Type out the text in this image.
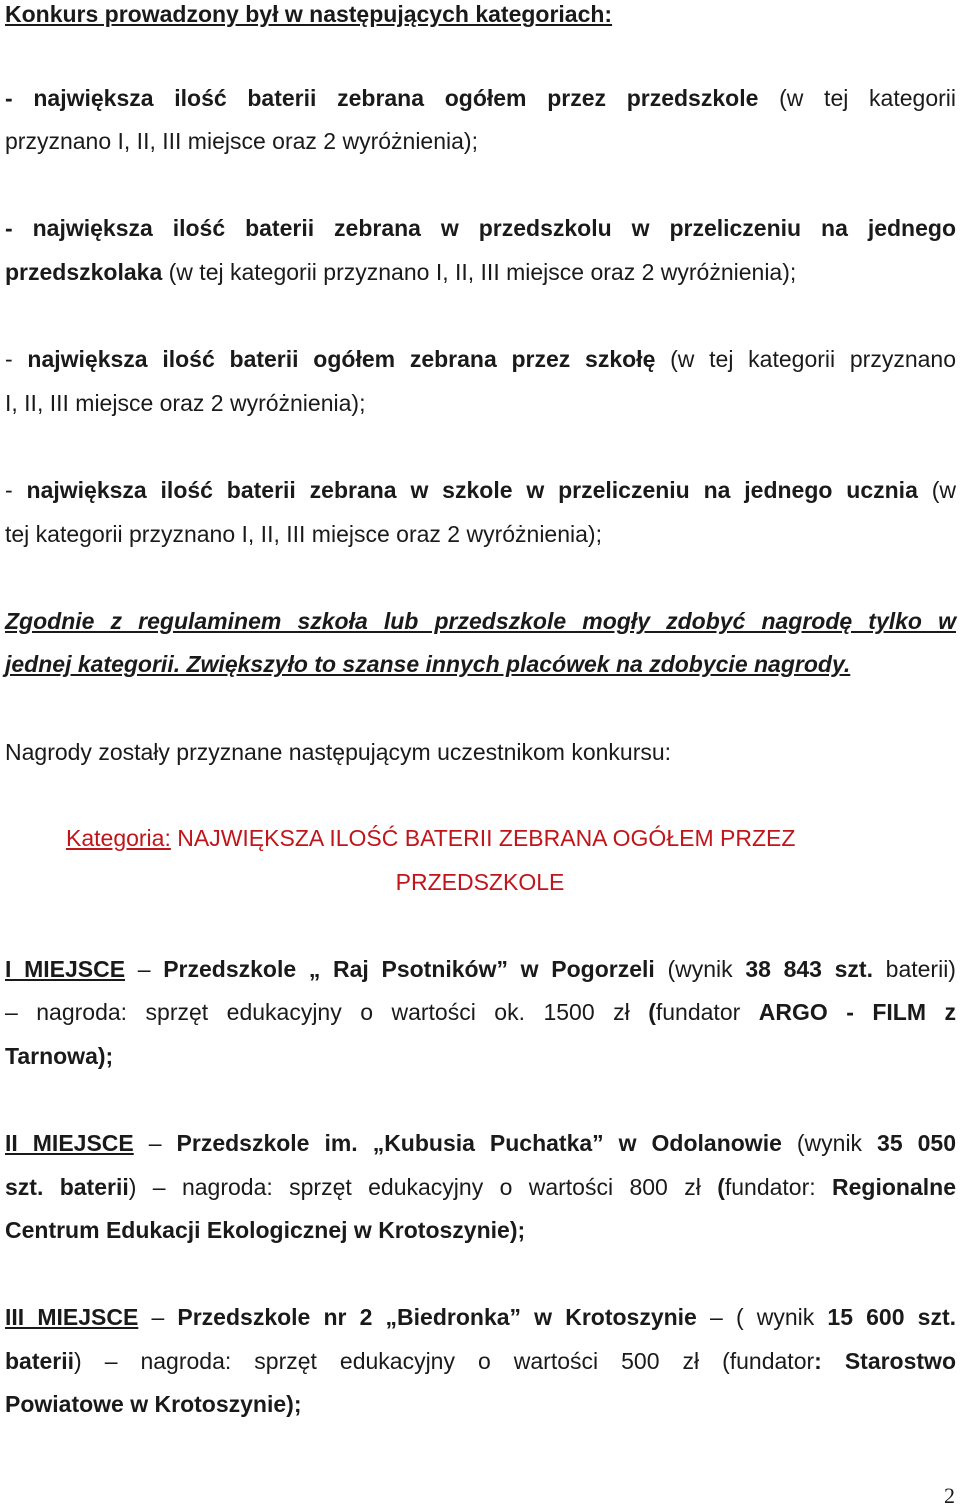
Konkurs prowadzony był w następujących kategoriach:
- największa ilość baterii zebrana ogółem przez przedszkole (w tej kategorii
przyznano I, II, III miejsce oraz 2 wyróżnienia);
- największa ilość baterii zebrana w przedszkolu w przeliczeniu na jednego
przedszkolaka (w tej kategorii przyznano I, II, III miejsce oraz 2 wyróżnienia);
- największa ilość baterii ogółem zebrana przez szkołę (w tej kategorii przyznano
I, II, III miejsce oraz 2 wyróżnienia);
- największa ilość baterii zebrana w szkole w przeliczeniu na jednego ucznia (w
tej kategorii przyznano I, II, III miejsce oraz 2 wyróżnienia);
Zgodnie z regulaminem szkoła lub przedszkole mogły zdobyć nagrodę tylko w
jednej kategorii. Zwiększyło to szanse innych placówek na zdobycie nagrody.
Nagrody zostały przyznane następującym uczestnikom konkursu:
Kategoria: NAJWIĘKSZA ILOŚĆ BATERII ZEBRANA OGÓŁEM PRZEZ
PRZEDSZKOLE
I MIEJSCE – Przedszkole „ Raj Psotników” w Pogorzeli (wynik 38 843 szt. baterii)
– nagroda: sprzęt edukacyjny o wartości ok. 1500 zł (fundator ARGO - FILM z
Tarnowa);
II MIEJSCE – Przedszkole im. „Kubusia Puchatka” w Odolanowie (wynik 35 050
szt. baterii) – nagroda: sprzęt edukacyjny o wartości 800 zł (fundator: Regionalne
Centrum Edukacji Ekologicznej w Krotoszynie);
III MIEJSCE – Przedszkole nr 2 „Biedronka” w Krotoszynie – ( wynik 15 600 szt.
baterii) – nagroda: sprzęt edukacyjny o wartości 500 zł (fundator: Starostwo
Powiatowe w Krotoszynie);
2
